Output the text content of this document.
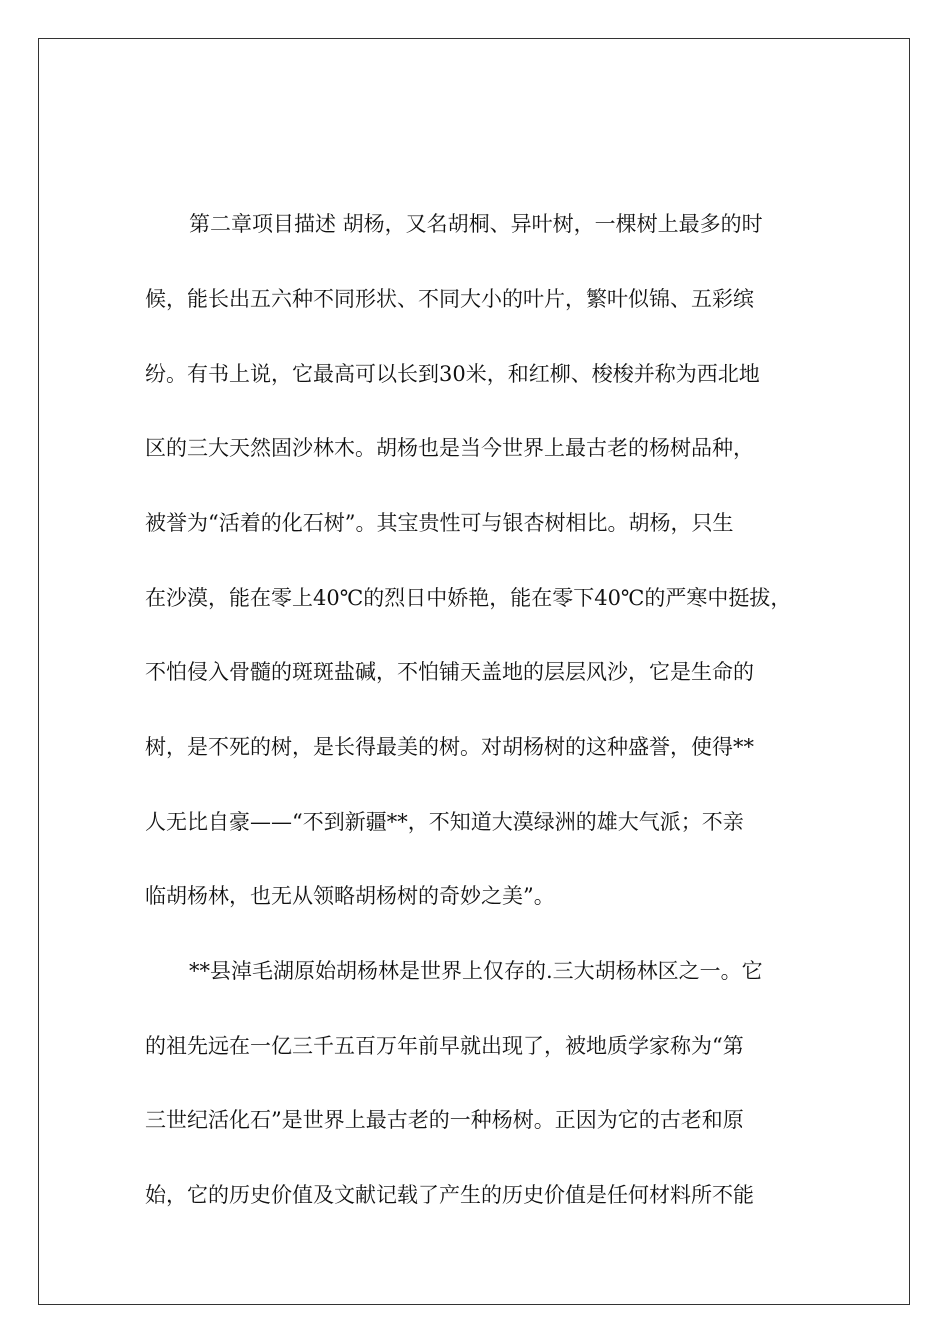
第二章项目描述 胡杨，又名胡桐、异叶树，一棵树上最多的时
候，能长出五六种不同形状、不同大小的叶片，繁叶似锦、五彩缤
纷。有书上说，它最高可以长到30米，和红柳、梭梭并称为西北地
区的三大天然固沙林木。胡杨也是当今世界上最古老的杨树品种，
被誉为“活着的化石树”。其宝贵性可与银杏树相比。胡杨，只生
在沙漠，能在零上40℃的烈日中娇艳，能在零下40℃的严寒中挺拔，
不怕侵入骨髓的斑斑盐碱，不怕铺天盖地的层层风沙，它是生命的
树，是不死的树，是长得最美的树。对胡杨树的这种盛誉，使得**
人无比自豪——“不到新疆**，不知道大漠绿洲的雄大气派；不亲
临胡杨林，也无从领略胡杨树的奇妙之美”。
**县淖毛湖原始胡杨林是世界上仅存的.三大胡杨林区之一。它
的祖先远在一亿三千五百万年前早就出现了，被地质学家称为“第
三世纪活化石”是世界上最古老的一种杨树。正因为它的古老和原
始，它的历史价值及文献记载了产生的历史价值是任何材料所不能
